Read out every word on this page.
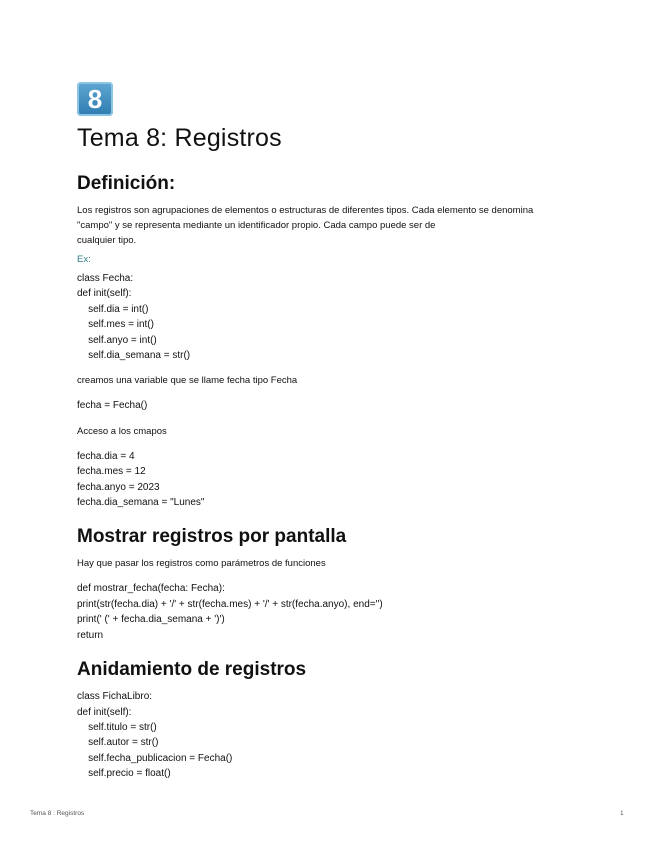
8
Tema 8: Registros
Definición:

Los registros son agrupaciones de elementos o estructuras de diferentes tipos. Cada elemento se denomina

"campo" y se representa mediante un identificador propio. Cada campo puede ser de

cualquier tipo.

Ex:

class Fecha:
def init(self):
self.dia = int()
self.mes = int()
self.anyo = int()
self.dia_semana = str()

creamos una variable que se llame fecha tipo Fecha

fecha = Fecha()

Acceso a los cmapos

fecha.dia = 4
fecha.mes = 12
fecha.anyo = 2023
fecha.dia_semana = "Lunes"
Mostrar registros por pantalla

Hay que pasar los registros como parámetros de funciones

def mostrar_fecha(fecha: Fecha):
print(str(fecha.dia) + '/' + str(fecha.mes) + '/' + str(fecha.anyo), end='')
print(' (' + fecha.dia_semana + ')')
return
Anidamiento de registros
class FichaLibro:
def init(self):
self.titulo = str()
self.autor = str()
self.fecha_publicacion = Fecha()
self.precio = float()
Tema 8 : Registros	1
